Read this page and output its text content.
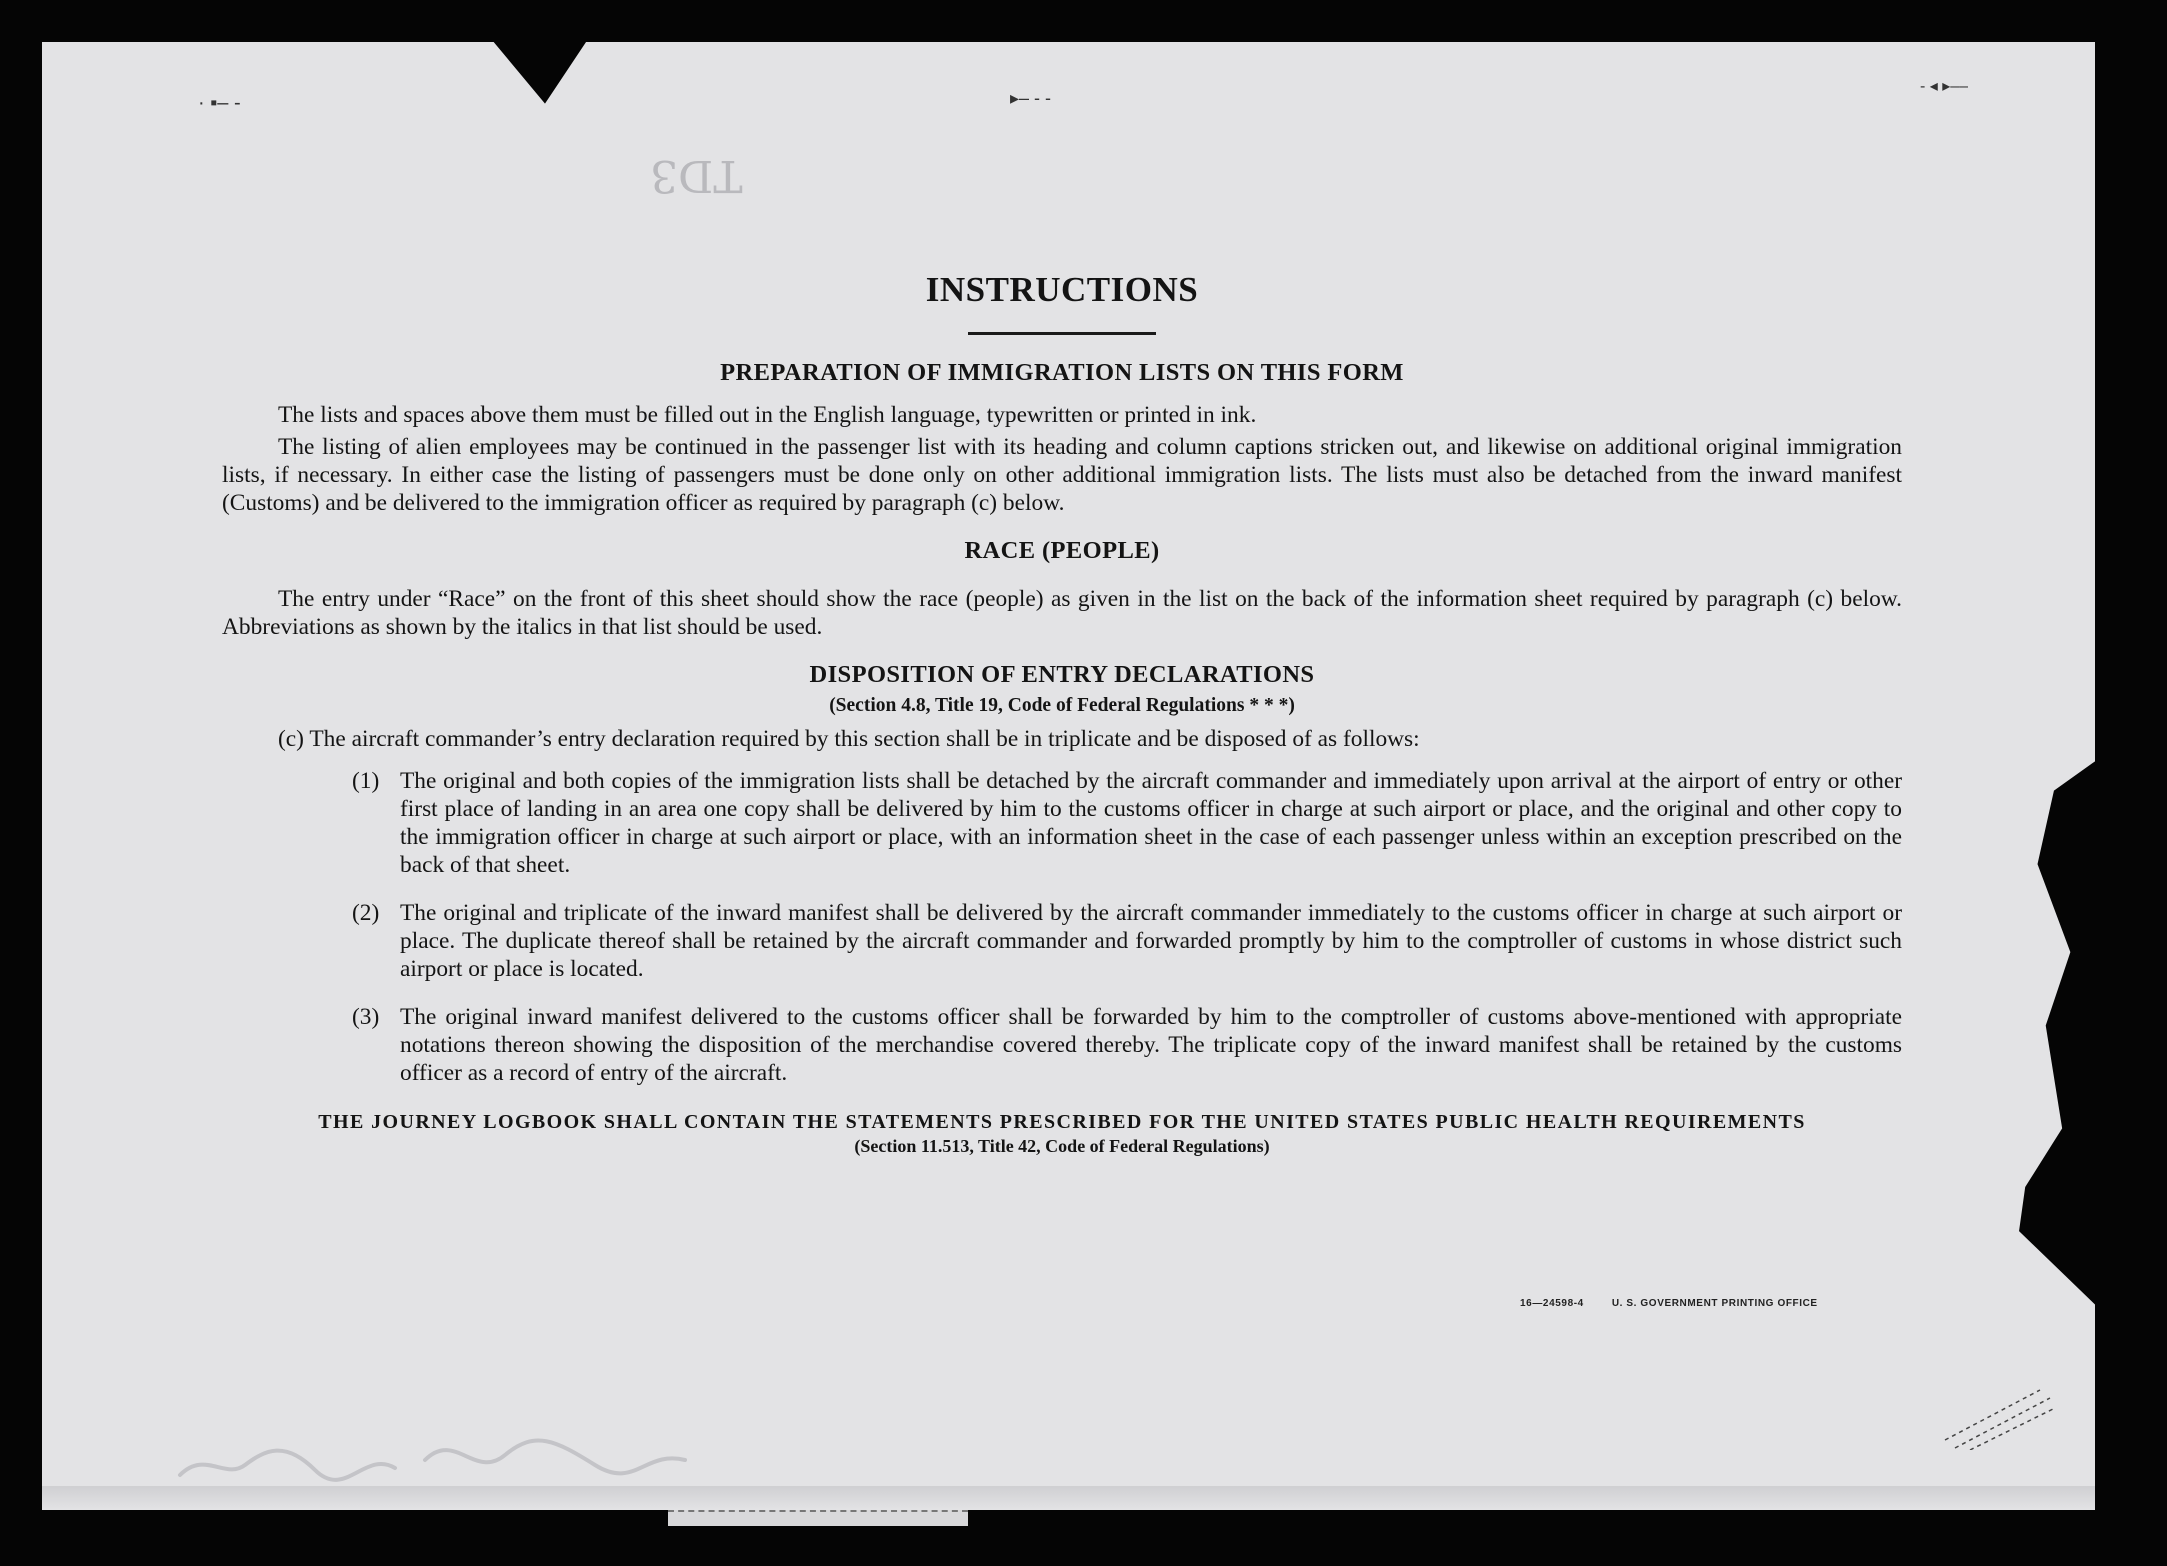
· ▪– -	▸– - -
- ◂ ▸––
TD3
INSTRUCTIONS
PREPARATION OF IMMIGRATION LISTS ON THIS FORM

The lists and spaces above them must be filled out in the English language, typewritten or printed in ink.

The listing of alien employees may be continued in the passenger list with its heading and column captions stricken out, and likewise on additional original immigration lists, if necessary. In either case the listing of passengers must be done only on other additional immigration lists. The lists must also be detached from the inward manifest (Customs) and be delivered to the immigration officer as required by paragraph (c) below.

RACE (PEOPLE)

The entry under “Race” on the front of this sheet should show the race (people) as given in the list on the back of the information sheet required by paragraph (c) below. Abbreviations as shown by the italics in that list should be used.

DISPOSITION OF ENTRY DECLARATIONS
(Section 4.8, Title 19, Code of Federal Regulations * * *)

(c) The aircraft commander’s entry declaration required by this section shall be in triplicate and be disposed of as follows:

(1) The original and both copies of the immigration lists shall be detached by the aircraft commander and immediately upon arrival at the airport of entry or other first place of landing in an area one copy shall be delivered by him to the customs officer in charge at such airport or place, and the original and other copy to the immigration officer in charge at such airport or place, with an information sheet in the case of each passenger unless within an exception prescribed on the back of that sheet.
(2) The original and triplicate of the inward manifest shall be delivered by the aircraft commander immediately to the customs officer in charge at such airport or place. The duplicate thereof shall be retained by the aircraft commander and forwarded promptly by him to the comptroller of customs in whose district such airport or place is located.
(3) The original inward manifest delivered to the customs officer shall be forwarded by him to the comptroller of customs above-mentioned with appropriate notations thereon showing the disposition of the merchandise covered thereby. The triplicate copy of the inward manifest shall be retained by the customs officer as a record of entry of the aircraft.
THE JOURNEY LOGBOOK SHALL CONTAIN THE STATEMENTS PRESCRIBED FOR THE UNITED STATES PUBLIC HEALTH REQUIREMENTS
(Section 11.513, Title 42, Code of Federal Regulations)
16—24598-4	U. S. GOVERNMENT PRINTING OFFICE
